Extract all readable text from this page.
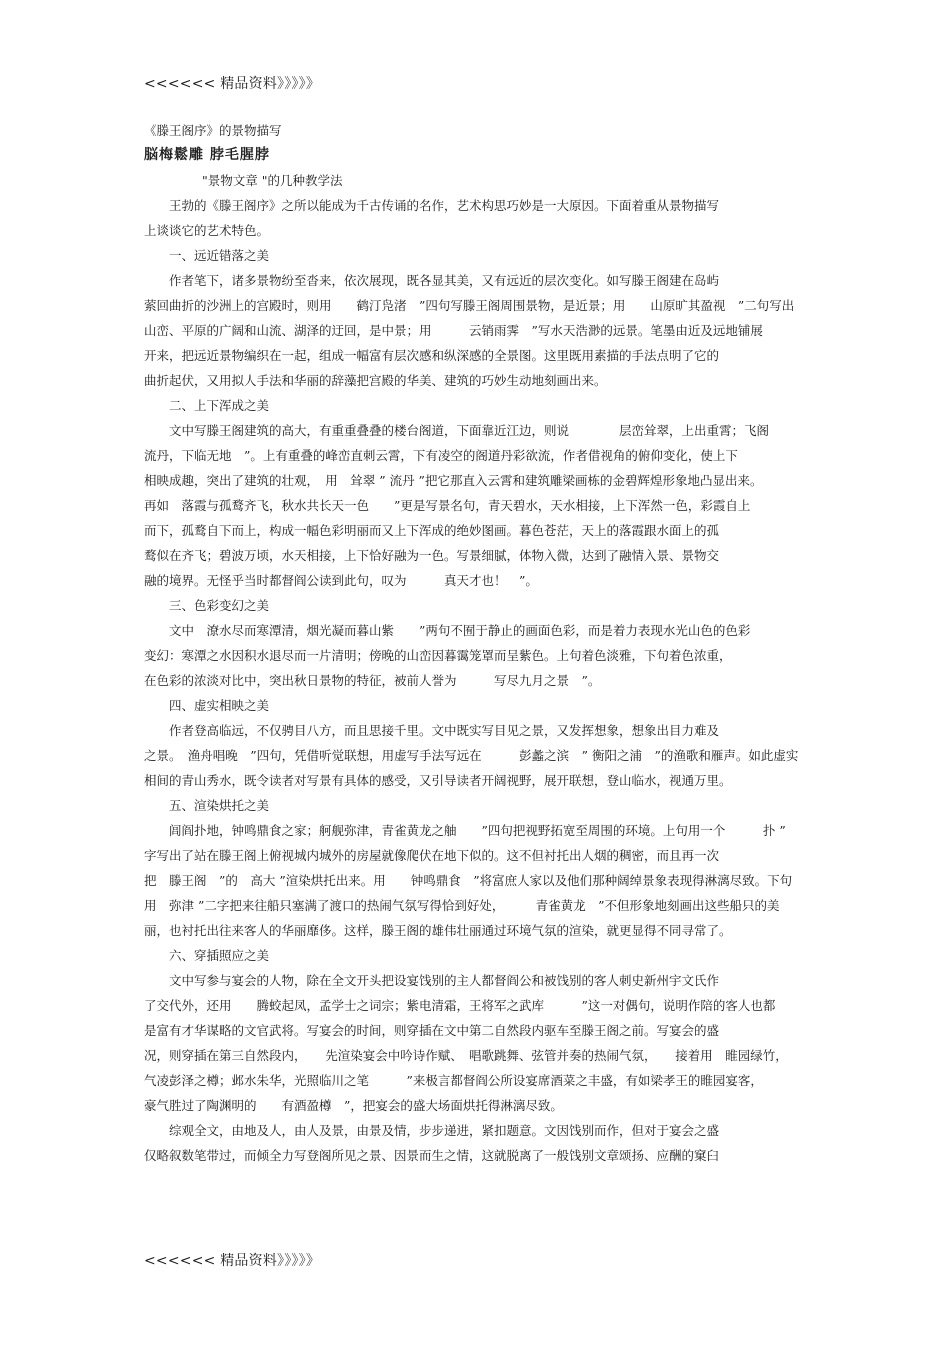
<<<<<< 精品资料》》》》》
《滕王阁序》的景物描写
脳梅鬆雕 脖毛腥脖
"景物文章 "的几种教学法
王勃的《滕王阁序》之所以能成为千古传诵的名作，艺术构思巧妙是一大原因。下面着重从景物描写
上谈谈它的艺术特色。
一、远近错落之美
作者笔下，诸多景物纷至沓来，依次展现，既各显其美，又有远近的层次变化。如写滕王阁建在岛屿
萦回曲折的沙洲上的宫殿时，则用　　鹤汀凫渚　”四句写滕王阁周围景物，是近景；用　　山原旷其盈视　”二句写出
山峦、平原的广阔和山流、湖泽的迂回，是中景；用　　　云销雨霁　”写水天浩渺的远景。笔墨由近及远地铺展
开来，把远近景物编织在一起，组成一幅富有层次感和纵深感的全景图。这里既用素描的手法点明了它的
曲折起伏，又用拟人手法和华丽的辞藻把宫殿的华美、建筑的巧妙生动地刻画出来。
二、上下浑成之美
文中写滕王阁建筑的高大，有重重叠叠的楼台阁道，下面靠近江边，则说　　　　层峦耸翠，上出重霄；飞阁
流丹，下临无地　”。上有重叠的峰峦直刺云霄，下有凌空的阁道丹彩欲流，作者借视角的俯仰变化，使上下
相映成趣，突出了建筑的壮观，　用　耸翠 ” 流丹 ”把它那直入云霄和建筑雕梁画栋的金碧辉煌形象地凸显出来。
再如　落霞与孤鹜齐飞，秋水共长天一色　　”更是写景名句，青天碧水，天水相接，上下浑然一色，彩霞自上
而下，孤鹜自下而上，构成一幅色彩明丽而又上下浑成的绝妙图画。暮色苍茫，天上的落霞跟水面上的孤
鹜似在齐飞；碧波万顷，水天相接，上下恰好融为一色。写景细腻，体物入微，达到了融情入景、景物交
融的境界。无怪乎当时都督阎公读到此句，叹为　　　真天才也！　”。
三、色彩变幻之美
文中　潦水尽而寒潭清，烟光凝而暮山紫　　”两句不囿于静止的画面色彩，而是着力表现水光山色的色彩
变幻：寒潭之水因积水退尽而一片清明；傍晚的山峦因暮霭笼罩而呈紫色。上句着色淡雅，下句着色浓重，
在色彩的浓淡对比中，突出秋日景物的特征，被前人誉为　　　写尽九月之景　”。
四、虚实相映之美
作者登高临远，不仅骋目八方，而且思接千里。文中既实写目见之景，又发挥想象，想象出目力难及
之景。　渔舟唱晚　”四句，凭借听觉联想，用虚写手法写远在　　　彭蠡之滨　” 衡阳之浦　”的渔歌和雁声。如此虚实
相间的青山秀水，既令读者对写景有具体的感受，又引导读者开阔视野，展开联想，登山临水，视通万里。
五、渲染烘托之美
闾阎扑地，钟鸣鼎食之家；舸舰弥津，青雀黄龙之舳　　”四句把视野拓宽至周围的环境。上句用一个　　　扑 ”
字写出了站在滕王阁上俯视城内城外的房屋就像爬伏在地下似的。这不但衬托出人烟的稠密，而且再一次
把　滕王阁　”的　高大 ”渲染烘托出来。用　　钟鸣鼎食　”将富庶人家以及他们那种阔绰景象表现得淋漓尽致。下句
用　弥津 ”二字把来往船只塞满了渡口的热闹气氛写得恰到好处，　　　青雀黄龙　”不但形象地刻画出这些船只的美
丽，也衬托出往来客人的华丽靡侈。这样，滕王阁的雄伟壮丽通过环境气氛的渲染，就更显得不同寻常了。
六、穿插照应之美
文中写参与宴会的人物，除在全文开头把设宴饯别的主人都督阎公和被饯别的客人刺史新州宇文氏作
了交代外，还用　　腾蛟起凤，孟学士之词宗；紫电清霜，王将军之武库　　　”这一对偶句，说明作陪的客人也都
是富有才华谋略的文官武将。写宴会的时间，则穿插在文中第二自然段内驱车至滕王阁之前。写宴会的盛
况，则穿插在第三自然段内，　　先渲染宴会中吟诗作赋、　唱歌跳舞、弦管并奏的热闹气氛，　　接着用　睢园绿竹，
气凌彭泽之樽；邺水朱华，光照临川之笔　　　”来极言都督阎公所设宴席酒菜之丰盛，有如梁孝王的睢园宴客，
豪气胜过了陶渊明的　　有酒盈樽　”，把宴会的盛大场面烘托得淋漓尽致。
综观全文，由地及人，由人及景，由景及情，步步递进，紧扣题意。文因饯别而作，但对于宴会之盛
仅略叙数笔带过，而倾全力写登阁所见之景、因景而生之情，这就脱离了一般饯别文章颂扬、应酬的窠臼
<<<<<< 精品资料》》》》》
